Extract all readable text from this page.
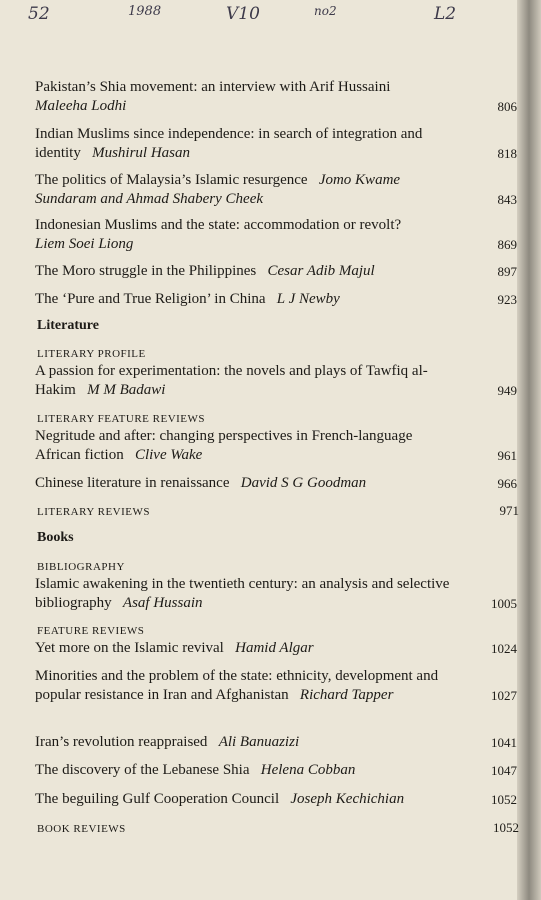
52	1988	V10	no2	L2
Pakistan’s Shia movement: an interview with Arif Hussaini
Maleeha Lodhi	806
Indian Muslims since independence: in search of integration and identity Mushirul Hasan	818
The politics of Malaysia’s Islamic resurgence Jomo Kwame Sundaram and Ahmad Shabery Cheek	843
Indonesian Muslims and the state: accommodation or revolt?
Liem Soei Liong	869
The Moro struggle in the Philippines Cesar Adib Majul	897
The ‘Pure and True Religion’ in China L J Newby	923
Literature
LITERARY PROFILE
A passion for experimentation: the novels and plays of Tawfiq al-Hakim M M Badawi	949
LITERARY FEATURE REVIEWS
Negritude and after: changing perspectives in French-language African fiction Clive Wake	961
Chinese literature in renaissance David S G Goodman	966
LITERARY REVIEWS	971
Books
BIBLIOGRAPHY
Islamic awakening in the twentieth century: an analysis and selective bibliography Asaf Hussain	1005
FEATURE REVIEWS
Yet more on the Islamic revival Hamid Algar	1024
Minorities and the problem of the state: ethnicity, development and popular resistance in Iran and Afghanistan Richard Tapper	1027
Iran’s revolution reappraised Ali Banuazizi	1041
The discovery of the Lebanese Shia Helena Cobban	1047
The beguiling Gulf Cooperation Council Joseph Kechichian	1052
BOOK REVIEWS	1052
